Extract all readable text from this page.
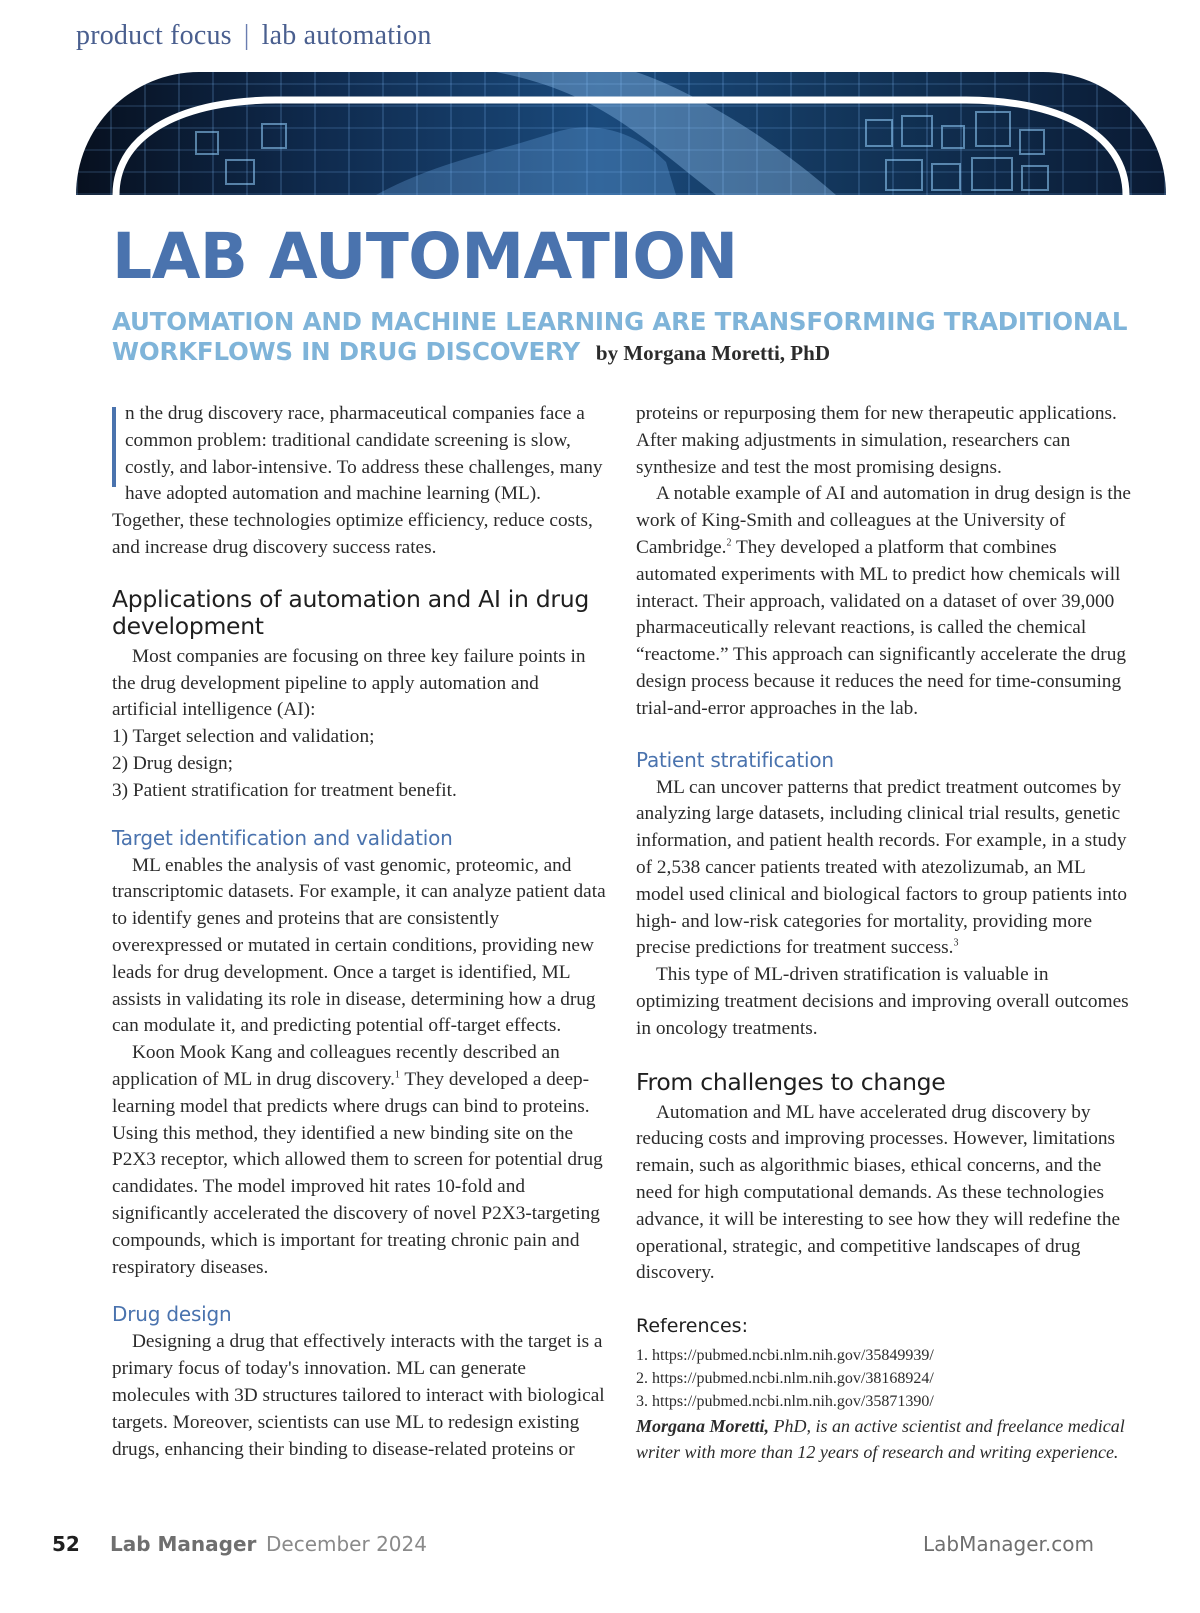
product focus | lab automation
LAB AUTOMATION
AUTOMATION AND MACHINE LEARNING ARE TRANSFORMING TRADITIONAL WORKFLOWS IN DRUG DISCOVERY by Morgana Moretti, PhD

n the drug discovery race, pharmaceutical companies face a common problem: traditional candidate screening is slow, costly, and labor-intensive. To address these challenges, many have adopted automation and machine learning (ML). Together, these technologies optimize efficiency, reduce costs, and increase drug discovery success rates.

Applications of automation and AI in drug development

Most companies are focusing on three key failure points in the drug development pipeline to apply automation and artificial intelligence (AI):

1) Target selection and validation;

2) Drug design;

3) Patient stratification for treatment benefit.

Target identification and validation

ML enables the analysis of vast genomic, proteomic, and transcriptomic datasets. For example, it can analyze patient data to identify genes and proteins that are consistently overexpressed or mutated in certain conditions, providing new leads for drug development. Once a target is identified, ML assists in validating its role in disease, determining how a drug can modulate it, and predicting potential off-target effects.

Koon Mook Kang and colleagues recently described an application of ML in drug discovery.$^1$ They developed a deep-learning model that predicts where drugs can bind to proteins. Using this method, they identified a new binding site on the P2X3 receptor, which allowed them to screen for potential drug candidates. The model improved hit rates 10-fold and significantly accelerated the discovery of novel P2X3-targeting compounds, which is important for treating chronic pain and respiratory diseases.

Drug design

Designing a drug that effectively interacts with the target is a primary focus of today's innovation. ML can generate molecules with 3D structures tailored to interact with biological targets. Moreover, scientists can use ML to redesign existing drugs, enhancing their binding to disease-related proteins or

proteins or repurposing them for new therapeutic applications. After making adjustments in simulation, researchers can synthesize and test the most promising designs.

A notable example of AI and automation in drug design is the work of King-Smith and colleagues at the University of Cambridge.$^2$ They developed a platform that combines automated experiments with ML to predict how chemicals will interact. Their approach, validated on a dataset of over 39,000 pharmaceutically relevant reactions, is called the chemical “reactome.” This approach can significantly accelerate the drug design process because it reduces the need for time-consuming trial-and-error approaches in the lab.

Patient stratification

ML can uncover patterns that predict treatment outcomes by analyzing large datasets, including clinical trial results, genetic information, and patient health records. For example, in a study of 2,538 cancer patients treated with atezolizumab, an ML model used clinical and biological factors to group patients into high- and low-risk categories for mortality, providing more precise predictions for treatment success.$^3$

This type of ML-driven stratification is valuable in optimizing treatment decisions and improving overall outcomes in oncology treatments.

From challenges to change

Automation and ML have accelerated drug discovery by reducing costs and improving processes. However, limitations remain, such as algorithmic biases, ethical concerns, and the need for high computational demands. As these technologies advance, it will be interesting to see how they will redefine the operational, strategic, and competitive landscapes of drug discovery.

References:

1. https://pubmed.ncbi.nlm.nih.gov/35849939/

2. https://pubmed.ncbi.nlm.nih.gov/38168924/

3. https://pubmed.ncbi.nlm.nih.gov/35871390/

Morgana Moretti, PhD, is an active scientist and freelance medical writer with more than 12 years of research and writing experience.

52 Lab Manager December 2024	LabManager.com
